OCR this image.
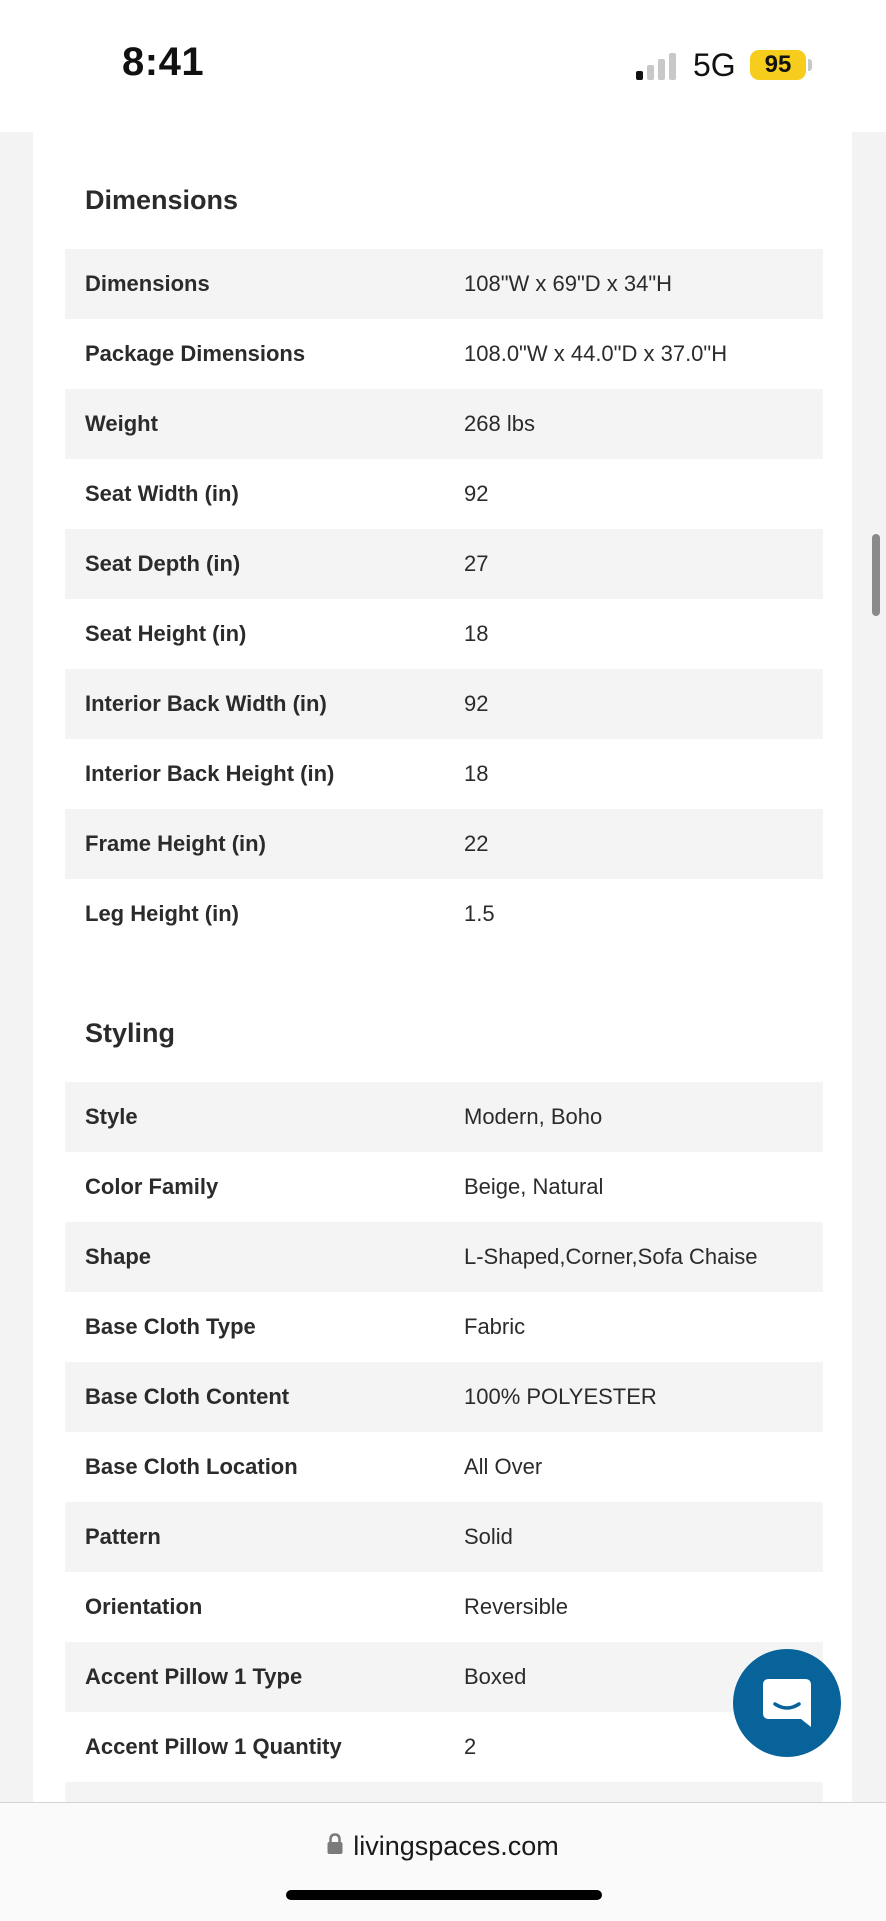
8:41	5G	95
Dimensions
Dimensions	108"W x 69"D x 34"H
Package Dimensions	108.0"W x 44.0"D x 37.0"H
Weight	268 lbs
Seat Width (in)	92
Seat Depth (in)	27
Seat Height (in)	18
Interior Back Width (in)	92
Interior Back Height (in)	18
Frame Height (in)	22
Leg Height (in)	1.5
Styling
Style	Modern, Boho
Color Family	Beige, Natural
Shape	L-Shaped,Corner,Sofa Chaise
Base Cloth Type	Fabric
Base Cloth Content	100% POLYESTER
Base Cloth Location	All Over
Pattern	Solid
Orientation	Reversible
Accent Pillow 1 Type	Boxed
Accent Pillow 1 Quantity	2
livingspaces.com
